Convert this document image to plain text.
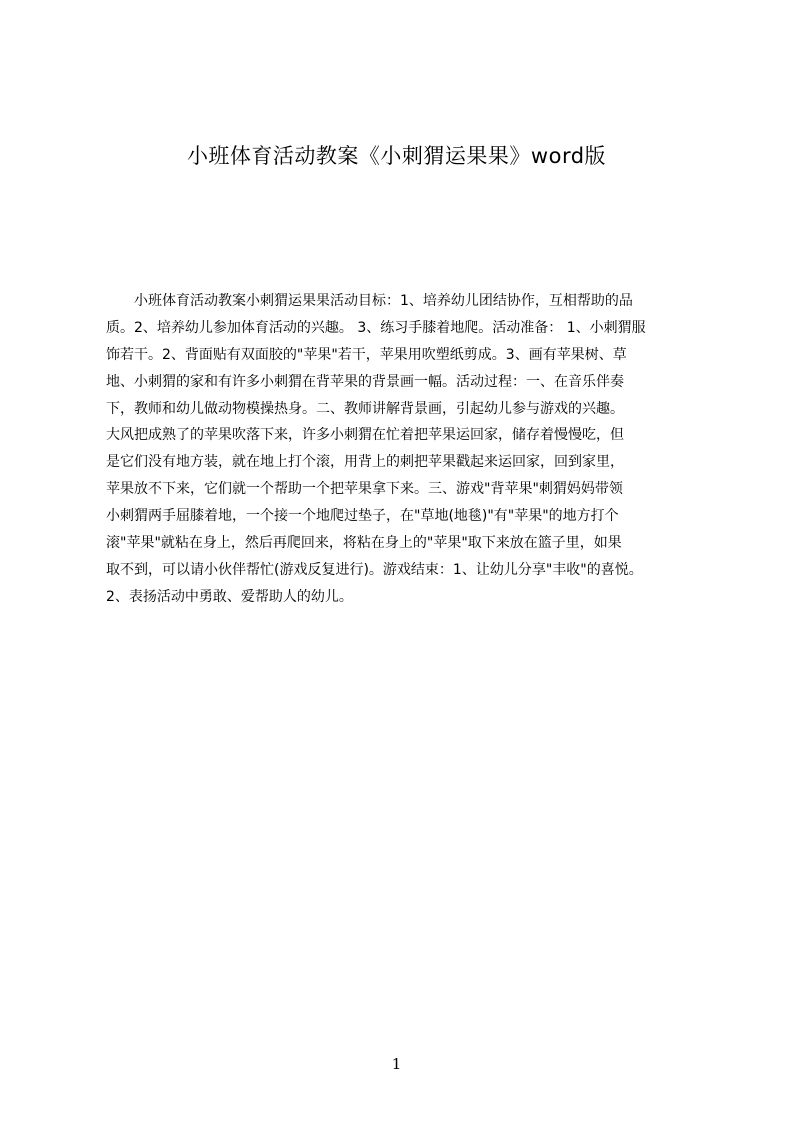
小班体育活动教案《小刺猬运果果》word版
　　小班体育活动教案小刺猬运果果活动目标：1、培养幼儿团结协作，互相帮助的品
质。2、培养幼儿参加体育活动的兴趣。 3、练习手膝着地爬。活动准备： 1、小刺猬服
饰若干。2、背面贴有双面胶的"苹果"若干，苹果用吹塑纸剪成。3、画有苹果树、草
地、小刺猬的家和有许多小刺猬在背苹果的背景画一幅。活动过程：一、在音乐伴奏
下，教师和幼儿做动物模操热身。二、教师讲解背景画，引起幼儿参与游戏的兴趣。
大风把成熟了的苹果吹落下来，许多小刺猬在忙着把苹果运回家，储存着慢慢吃，但
是它们没有地方装，就在地上打个滚，用背上的刺把苹果戳起来运回家，回到家里，
苹果放不下来，它们就一个帮助一个把苹果拿下来。三、游戏"背苹果"刺猬妈妈带领
小刺猬两手屈膝着地，一个接一个地爬过垫子，在"草地(地毯)"有"苹果"的地方打个
滚"苹果"就粘在身上，然后再爬回来，将粘在身上的"苹果"取下来放在篮子里，如果
取不到，可以请小伙伴帮忙(游戏反复进行)。游戏结束：1、让幼儿分享"丰收"的喜悦。
2、表扬活动中勇敢、爱帮助人的幼儿。
1
